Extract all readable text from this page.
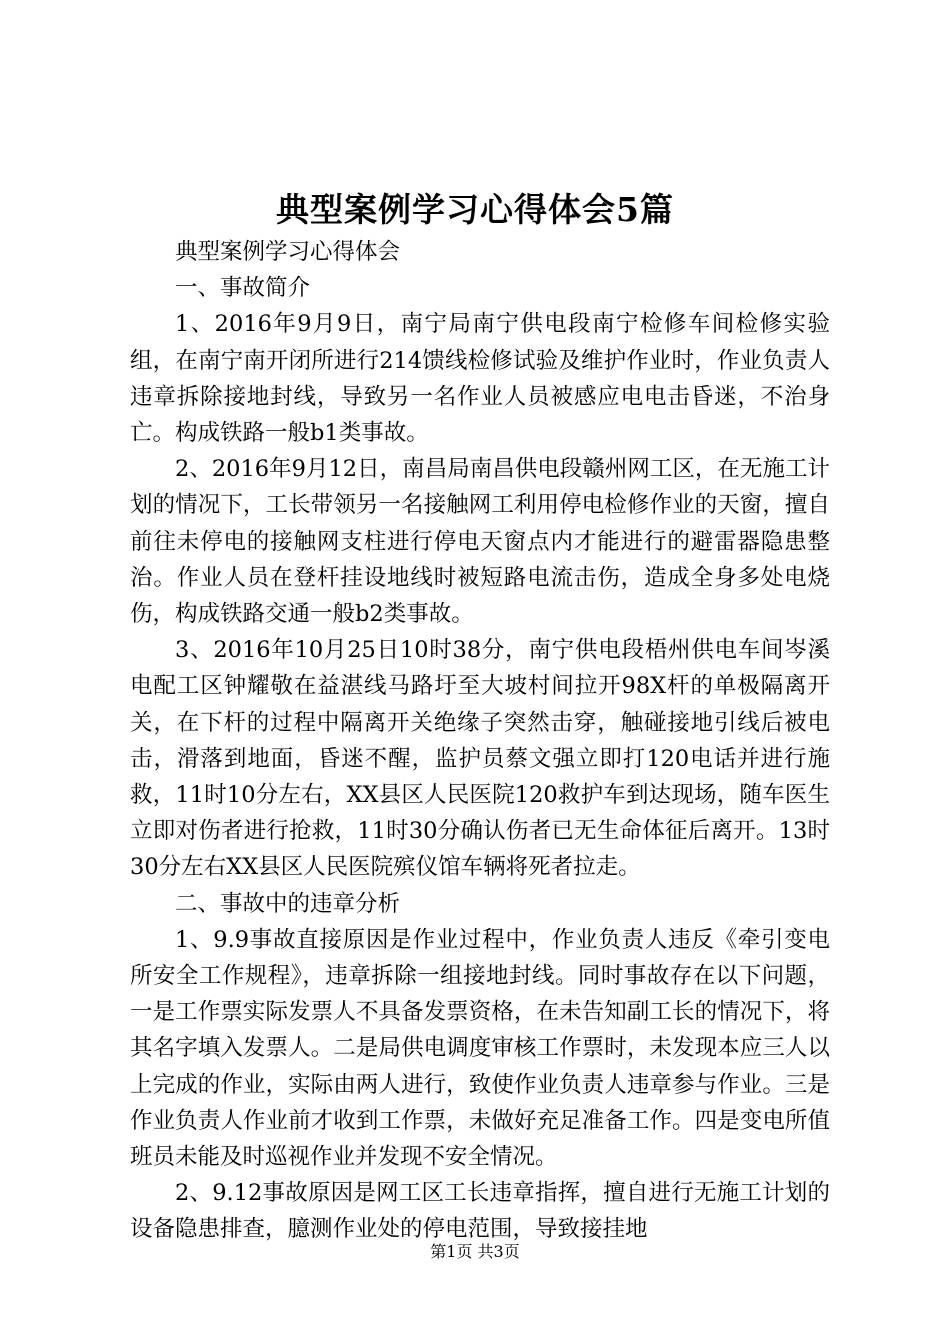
典型案例学习心得体会5篇

典型案例学习心得体会

一、事故简介

1、2016年9月9日，南宁局南宁供电段南宁检修车间检修实验组，在南宁南开闭所进行214馈线检修试验及维护作业时，作业负责人违章拆除接地封线，导致另一名作业人员被感应电电击昏迷，不治身亡。构成铁路一般b1类事故。

2、2016年9月12日，南昌局南昌供电段赣州网工区，在无施工计划的情况下，工长带领另一名接触网工利用停电检修作业的天窗，擅自前往未停电的接触网支柱进行停电天窗点内才能进行的避雷器隐患整治。作业人员在登杆挂设地线时被短路电流击伤，造成全身多处电烧伤，构成铁路交通一般b2类事故。

3、2016年10月25日10时38分，南宁供电段梧州供电车间岑溪电配工区钟耀敬在益湛线马路圩至大坡村间拉开98X杆的单极隔离开关，在下杆的过程中隔离开关绝缘子突然击穿，触碰接地引线后被电击，滑落到地面，昏迷不醒，监护员蔡文强立即打120电话并进行施救，11时10分左右，XX县区人民医院120救护车到达现场，随车医生立即对伤者进行抢救，11时30分确认伤者已无生命体征后离开。13时30分左右XX县区人民医院殡仪馆车辆将死者拉走。

二、事故中的违章分析

1、9.9事故直接原因是作业过程中，作业负责人违反《牵引变电所安全工作规程》，违章拆除一组接地封线。同时事故存在以下问题，一是工作票实际发票人不具备发票资格，在未告知副工长的情况下，将其名字填入发票人。二是局供电调度审核工作票时，未发现本应三人以上完成的作业，实际由两人进行，致使作业负责人违章参与作业。三是作业负责人作业前才收到工作票，未做好充足准备工作。四是变电所值班员未能及时巡视作业并发现不安全情况。

2、9.12事故原因是网工区工长违章指挥，擅自进行无施工计划的设备隐患排查，臆测作业处的停电范围，导致接挂地

第1页 共3页
